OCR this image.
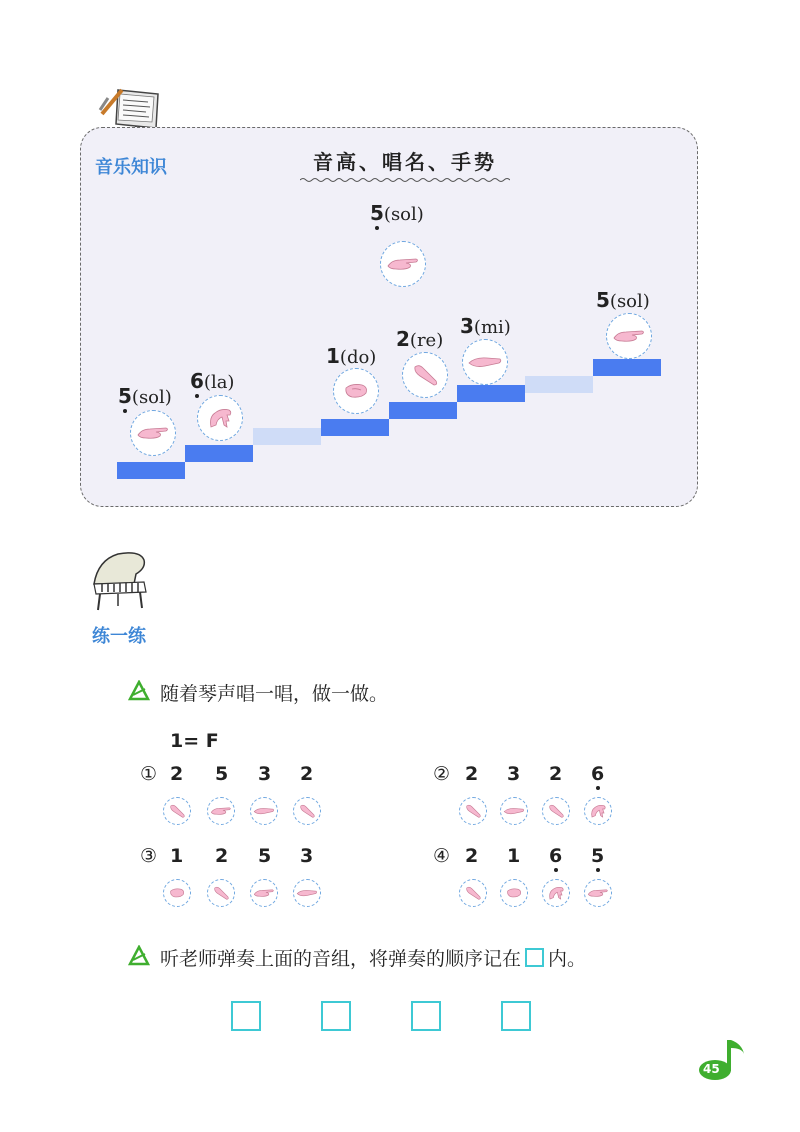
音乐知识	音高、唱名、手势
5(sol)
6(la)
1(do)
2(re)
3(mi)
5(sol)
5(sol)
练一练
随着琴声唱一唱，做一做。
1= F
① 2 5 3 2	② 2 3 2 6
③ 1 2 5 3	④ 2 1 6 5
听老师弹奏上面的音组，将弹奏的顺序记在 内。
45
